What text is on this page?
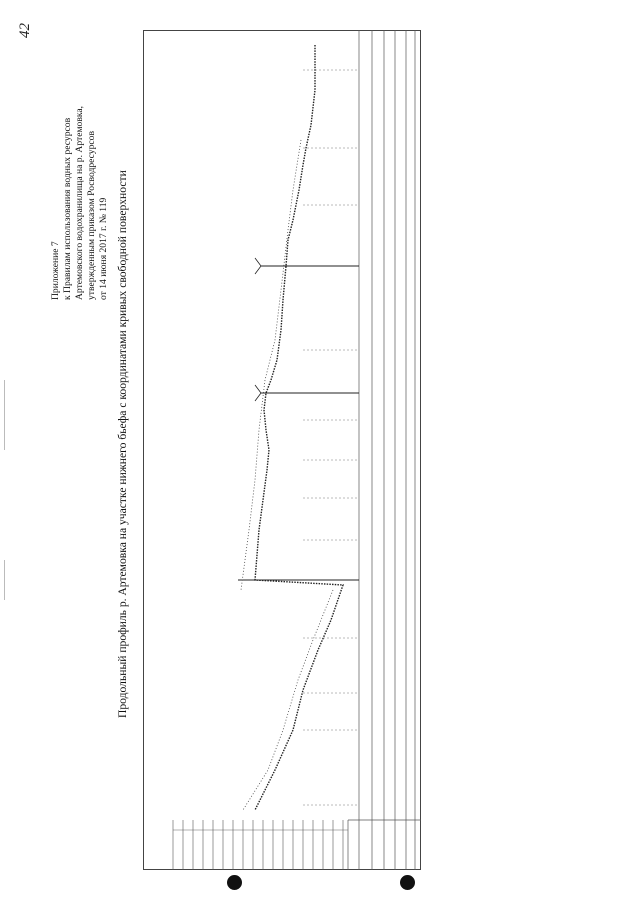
42
Приложение 7 к Правилам использования водных ресурсов Артемовского водохранилища на р. Артемовка, утвержденным приказом Росводресурсов от 14 июня 2017 г. № 119 Продольный профиль р. Артемовка на участке нижнего бьефа с координатами кривых свободной поверхности
